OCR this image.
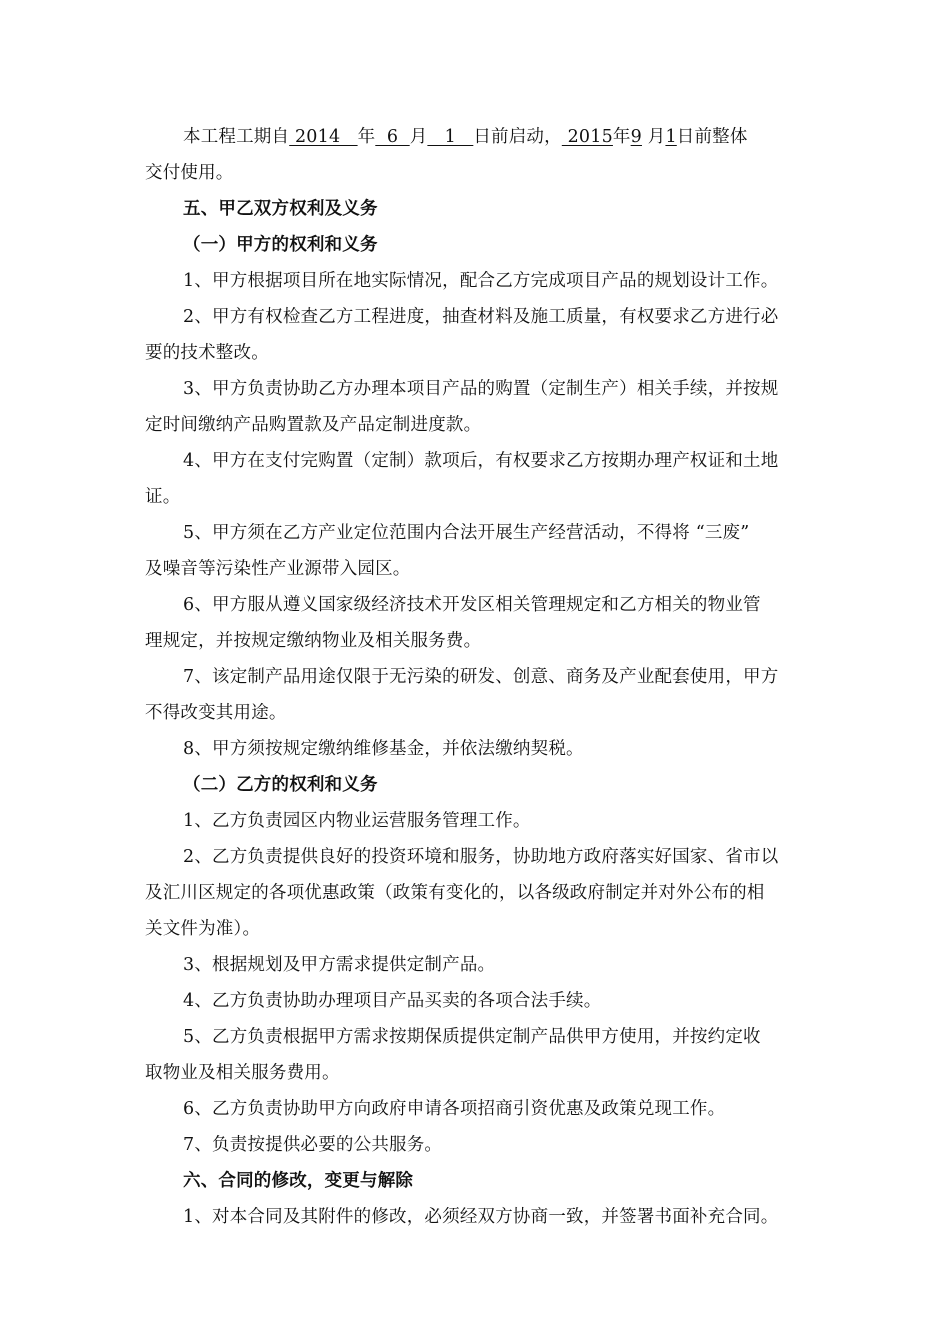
本工程工期自 2014   年  6  月   1   日前启动， 2015年9 月1日前整体
交付使用。
五、甲乙双方权利及义务
（一）甲方的权利和义务
1、甲方根据项目所在地实际情况，配合乙方完成项目产品的规划设计工作。
2、甲方有权检查乙方工程进度，抽查材料及施工质量，有权要求乙方进行必
要的技术整改。
3、甲方负责协助乙方办理本项目产品的购置（定制生产）相关手续，并按规
定时间缴纳产品购置款及产品定制进度款。
4、甲方在支付完购置（定制）款项后，有权要求乙方按期办理产权证和土地
证。
5、甲方须在乙方产业定位范围内合法开展生产经营活动，不得将 “三废”
及噪音等污染性产业源带入园区。
6、甲方服从遵义国家级经济技术开发区相关管理规定和乙方相关的物业管
理规定，并按规定缴纳物业及相关服务费。
7、该定制产品用途仅限于无污染的研发、创意、商务及产业配套使用，甲方
不得改变其用途。
8、甲方须按规定缴纳维修基金，并依法缴纳契税。
（二）乙方的权利和义务
1、乙方负责园区内物业运营服务管理工作。
2、乙方负责提供良好的投资环境和服务，协助地方政府落实好国家、省市以
及汇川区规定的各项优惠政策（政策有变化的，以各级政府制定并对外公布的相
关文件为准）。
3、根据规划及甲方需求提供定制产品。
4、乙方负责协助办理项目产品买卖的各项合法手续。
5、乙方负责根据甲方需求按期保质提供定制产品供甲方使用，并按约定收
取物业及相关服务费用。
6、乙方负责协助甲方向政府申请各项招商引资优惠及政策兑现工作。
7、负责按提供必要的公共服务。
六、合同的修改，变更与解除
1、对本合同及其附件的修改，必须经双方协商一致，并签署书面补充合同。
